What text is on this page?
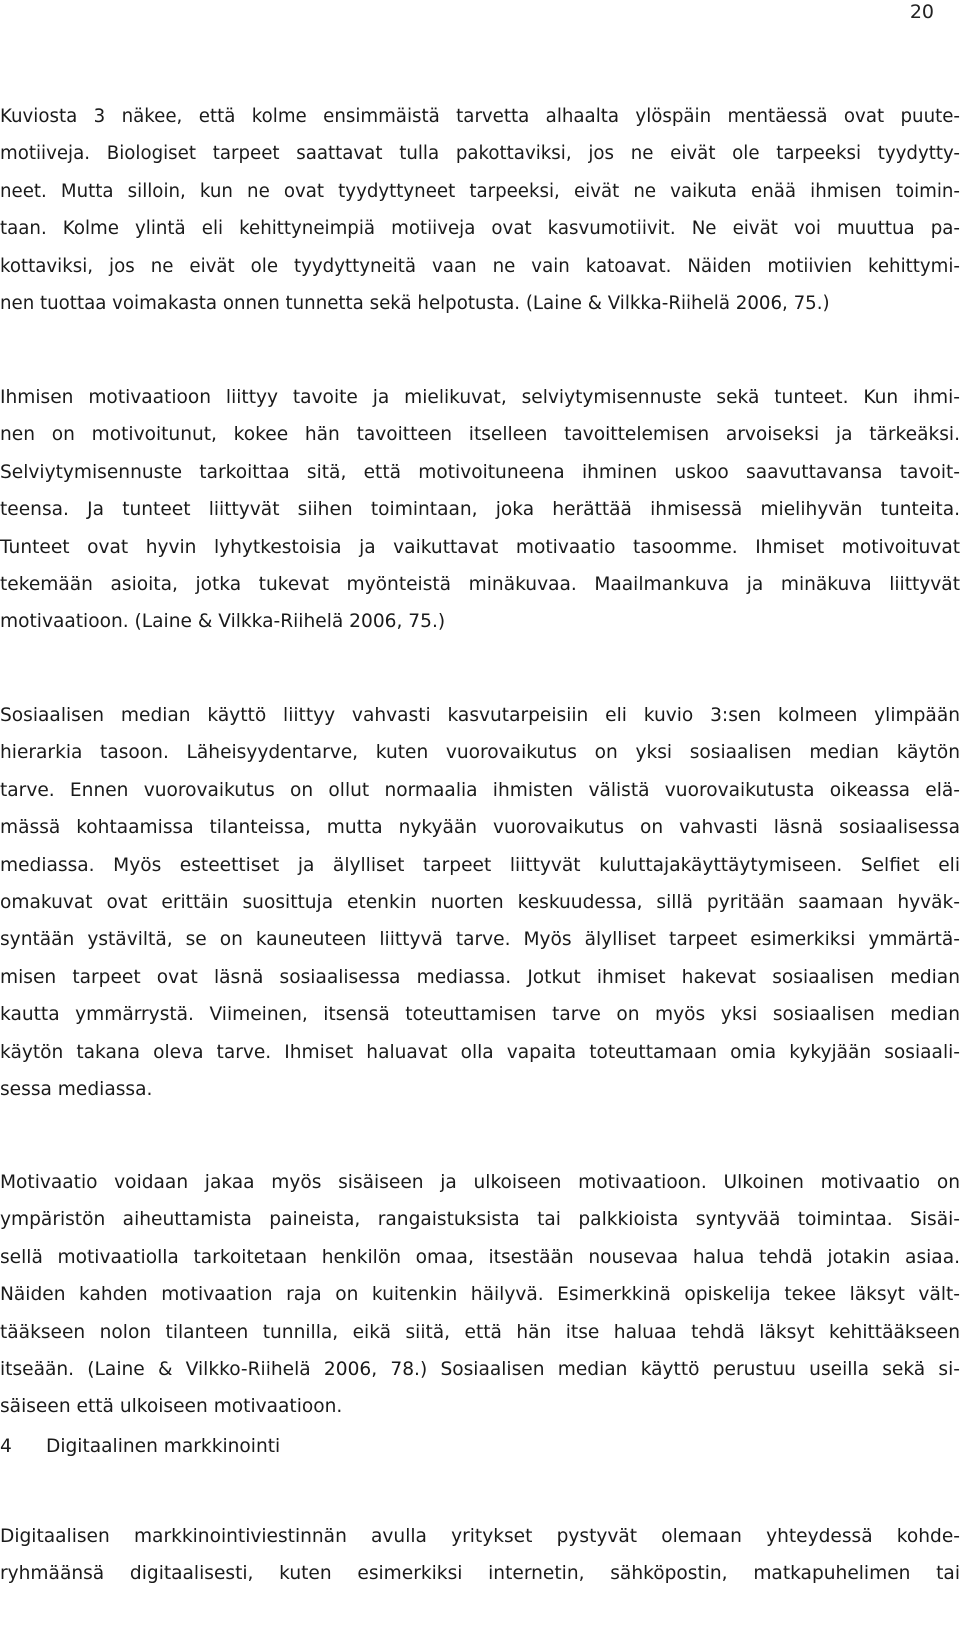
20
Kuviosta 3 näkee, että kolme ensimmäistä tarvetta alhaalta ylöspäin mentäessä ovat puute-
motiiveja. Biologiset tarpeet saattavat tulla pakottaviksi, jos ne eivät ole tarpeeksi tyydytty-
neet. Mutta silloin, kun ne ovat tyydyttyneet tarpeeksi, eivät ne vaikuta enää ihmisen toimin-
taan. Kolme ylintä eli kehittyneimpiä motiiveja ovat kasvumotiivit. Ne eivät voi muuttua pa-
kottaviksi, jos ne eivät ole tyydyttyneitä vaan ne vain katoavat. Näiden motiivien kehittymi-
nen tuottaa voimakasta onnen tunnetta sekä helpotusta. (Laine & Vilkka-Riihelä 2006, 75.)
Ihmisen motivaatioon liittyy tavoite ja mielikuvat, selviytymisennuste sekä tunteet. Kun ihmi-
nen on motivoitunut, kokee hän tavoitteen itselleen tavoittelemisen arvoiseksi ja tärkeäksi.
Selviytymisennuste tarkoittaa sitä, että motivoituneena ihminen uskoo saavuttavansa tavoit-
teensa. Ja tunteet liittyvät siihen toimintaan, joka herättää ihmisessä mielihyvän tunteita.
Tunteet ovat hyvin lyhytkestoisia ja vaikuttavat motivaatio tasoomme. Ihmiset motivoituvat
tekemään asioita, jotka tukevat myönteistä minäkuvaa. Maailmankuva ja minäkuva liittyvät
motivaatioon. (Laine & Vilkka-Riihelä 2006, 75.)
Sosiaalisen median käyttö liittyy vahvasti kasvutarpeisiin eli kuvio 3:sen kolmeen ylimpään
hierarkia tasoon. Läheisyydentarve, kuten vuorovaikutus on yksi sosiaalisen median käytön
tarve. Ennen vuorovaikutus on ollut normaalia ihmisten välistä vuorovaikutusta oikeassa elä-
mässä kohtaamissa tilanteissa, mutta nykyään vuorovaikutus on vahvasti läsnä sosiaalisessa
mediassa. Myös esteettiset ja älylliset tarpeet liittyvät kuluttajakäyttäytymiseen. Selfiet eli
omakuvat ovat erittäin suosittuja etenkin nuorten keskuudessa, sillä pyritään saamaan hyväk-
syntään ystäviltä, se on kauneuteen liittyvä tarve. Myös älylliset tarpeet esimerkiksi ymmärtä-
misen tarpeet ovat läsnä sosiaalisessa mediassa. Jotkut ihmiset hakevat sosiaalisen median
kautta ymmärrystä. Viimeinen, itsensä toteuttamisen tarve on myös yksi sosiaalisen median
käytön takana oleva tarve. Ihmiset haluavat olla vapaita toteuttamaan omia kykyjään sosiaali-
sessa mediassa.
Motivaatio voidaan jakaa myös sisäiseen ja ulkoiseen motivaatioon. Ulkoinen motivaatio on
ympäristön aiheuttamista paineista, rangaistuksista tai palkkioista syntyvää toimintaa. Sisäi-
sellä motivaatiolla tarkoitetaan henkilön omaa, itsestään nousevaa halua tehdä jotakin asiaa.
Näiden kahden motivaation raja on kuitenkin häilyvä. Esimerkkinä opiskelija tekee läksyt vält-
tääkseen nolon tilanteen tunnilla, eikä siitä, että hän itse haluaa tehdä läksyt kehittääkseen
itseään. (Laine & Vilkko-Riihelä 2006, 78.) Sosiaalisen median käyttö perustuu useilla sekä si-
säiseen että ulkoiseen motivaatioon.
4 Digitaalinen markkinointi
Digitaalisen markkinointiviestinnän avulla yritykset pystyvät olemaan yhteydessä kohde-
ryhmäänsä digitaalisesti, kuten esimerkiksi internetin, sähköpostin, matkapuhelimen tai
